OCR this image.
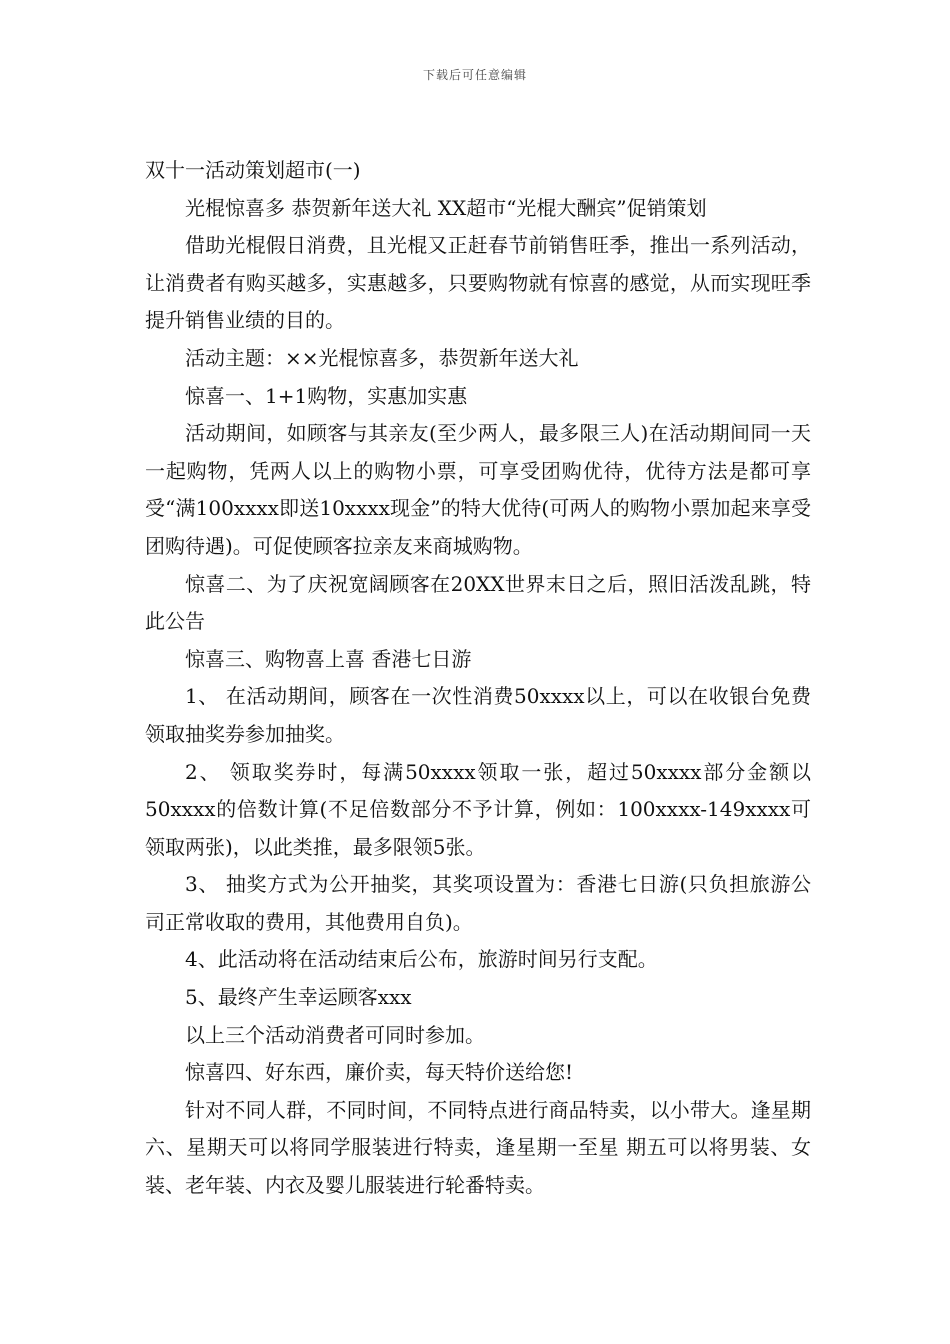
下载后可任意编辑

双十一活动策划超市(一)

光棍惊喜多 恭贺新年送大礼 XX超市“光棍大酬宾”促销策划

借助光棍假日消费，且光棍又正赶春节前销售旺季，推出一系列活动，让消费者有购买越多，实惠越多，只要购物就有惊喜的感觉，从而实现旺季提升销售业绩的目的。

活动主题：××光棍惊喜多，恭贺新年送大礼

惊喜一、1+1购物，实惠加实惠

活动期间，如顾客与其亲友(至少两人，最多限三人)在活动期间同一天一起购物，凭两人以上的购物小票，可享受团购优待，优待方法是都可享受“满100xxxx即送10xxxx现金”的特大优待(可两人的购物小票加起来享受团购待遇)。可促使顾客拉亲友来商城购物。

惊喜二、为了庆祝宽阔顾客在20XX世界末日之后，照旧活泼乱跳，特此公告

惊喜三、购物喜上喜 香港七日游

1、 在活动期间，顾客在一次性消费50xxxx以上，可以在收银台免费领取抽奖券参加抽奖。

2、 领取奖券时，每满50xxxx领取一张，超过50xxxx部分金额以50xxxx的倍数计算(不足倍数部分不予计算，例如：100xxxx-149xxxx可领取两张)，以此类推，最多限领5张。

3、 抽奖方式为公开抽奖，其奖项设置为：香港七日游(只负担旅游公司正常收取的费用，其他费用自负)。

4、此活动将在活动结束后公布，旅游时间另行支配。

5、最终产生幸运顾客xxx

以上三个活动消费者可同时参加。

惊喜四、好东西，廉价卖，每天特价送给您!

针对不同人群，不同时间，不同特点进行商品特卖，以小带大。逢星期六、星期天可以将同学服装进行特卖，逢星期一至星 期五可以将男装、女装、老年装、内衣及婴儿服装进行轮番特卖。
